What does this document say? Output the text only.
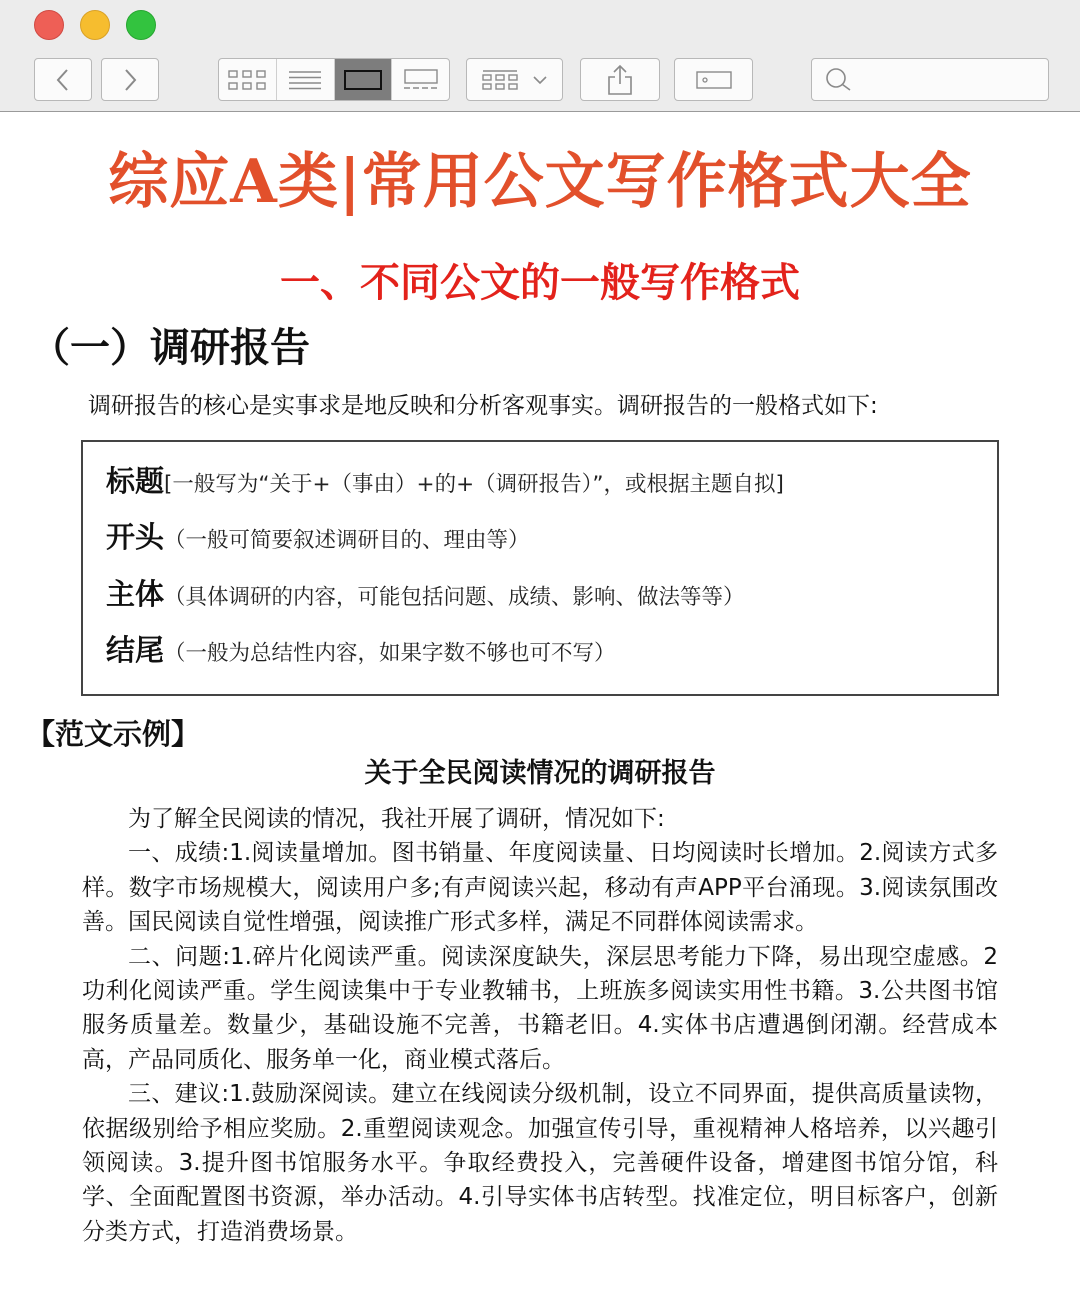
综应A类|常用公文写作格式大全
一、不同公文的一般写作格式
（一）调研报告

调研报告的核心是实事求是地反映和分析客观事实。调研报告的一般格式如下:

标题[一般写为“关于+（事由）+的+（调研报告）”，或根据主题自拟]
开头（一般可简要叙述调研目的、理由等）
主体（具体调研的内容，可能包括问题、成绩、影响、做法等等）
结尾（一般为总结性内容，如果字数不够也可不写）
【范文示例】
关于全民阅读情况的调研报告

为了解全民阅读的情况，我社开展了调研，情况如下:

一、成绩:1.阅读量增加。图书销量、年度阅读量、日均阅读时长增加。2.阅读方式多样。数字市场规模大，阅读用户多;有声阅读兴起，移动有声APP平台涌现。3.阅读氛围改善。国民阅读自觉性增强，阅读推广形式多样，满足不同群体阅读需求。

二、问题:1.碎片化阅读严重。阅读深度缺失，深层思考能力下降，易出现空虚感。2功利化阅读严重。学生阅读集中于专业教辅书，上班族多阅读实用性书籍。3.公共图书馆服务质量差。数量少，基础设施不完善，书籍老旧。4.实体书店遭遇倒闭潮。经营成本高，产品同质化、服务单一化，商业模式落后。

三、建议:1.鼓励深阅读。建立在线阅读分级机制，设立不同界面，提供高质量读物，依据级别给予相应奖励。2.重塑阅读观念。加强宣传引导，重视精神人格培养，以兴趣引领阅读。3.提升图书馆服务水平。争取经费投入，完善硬件设备，增建图书馆分馆，科学、全面配置图书资源，举办活动。4.引导实体书店转型。找准定位，明目标客户，创新分类方式，打造消费场景。
